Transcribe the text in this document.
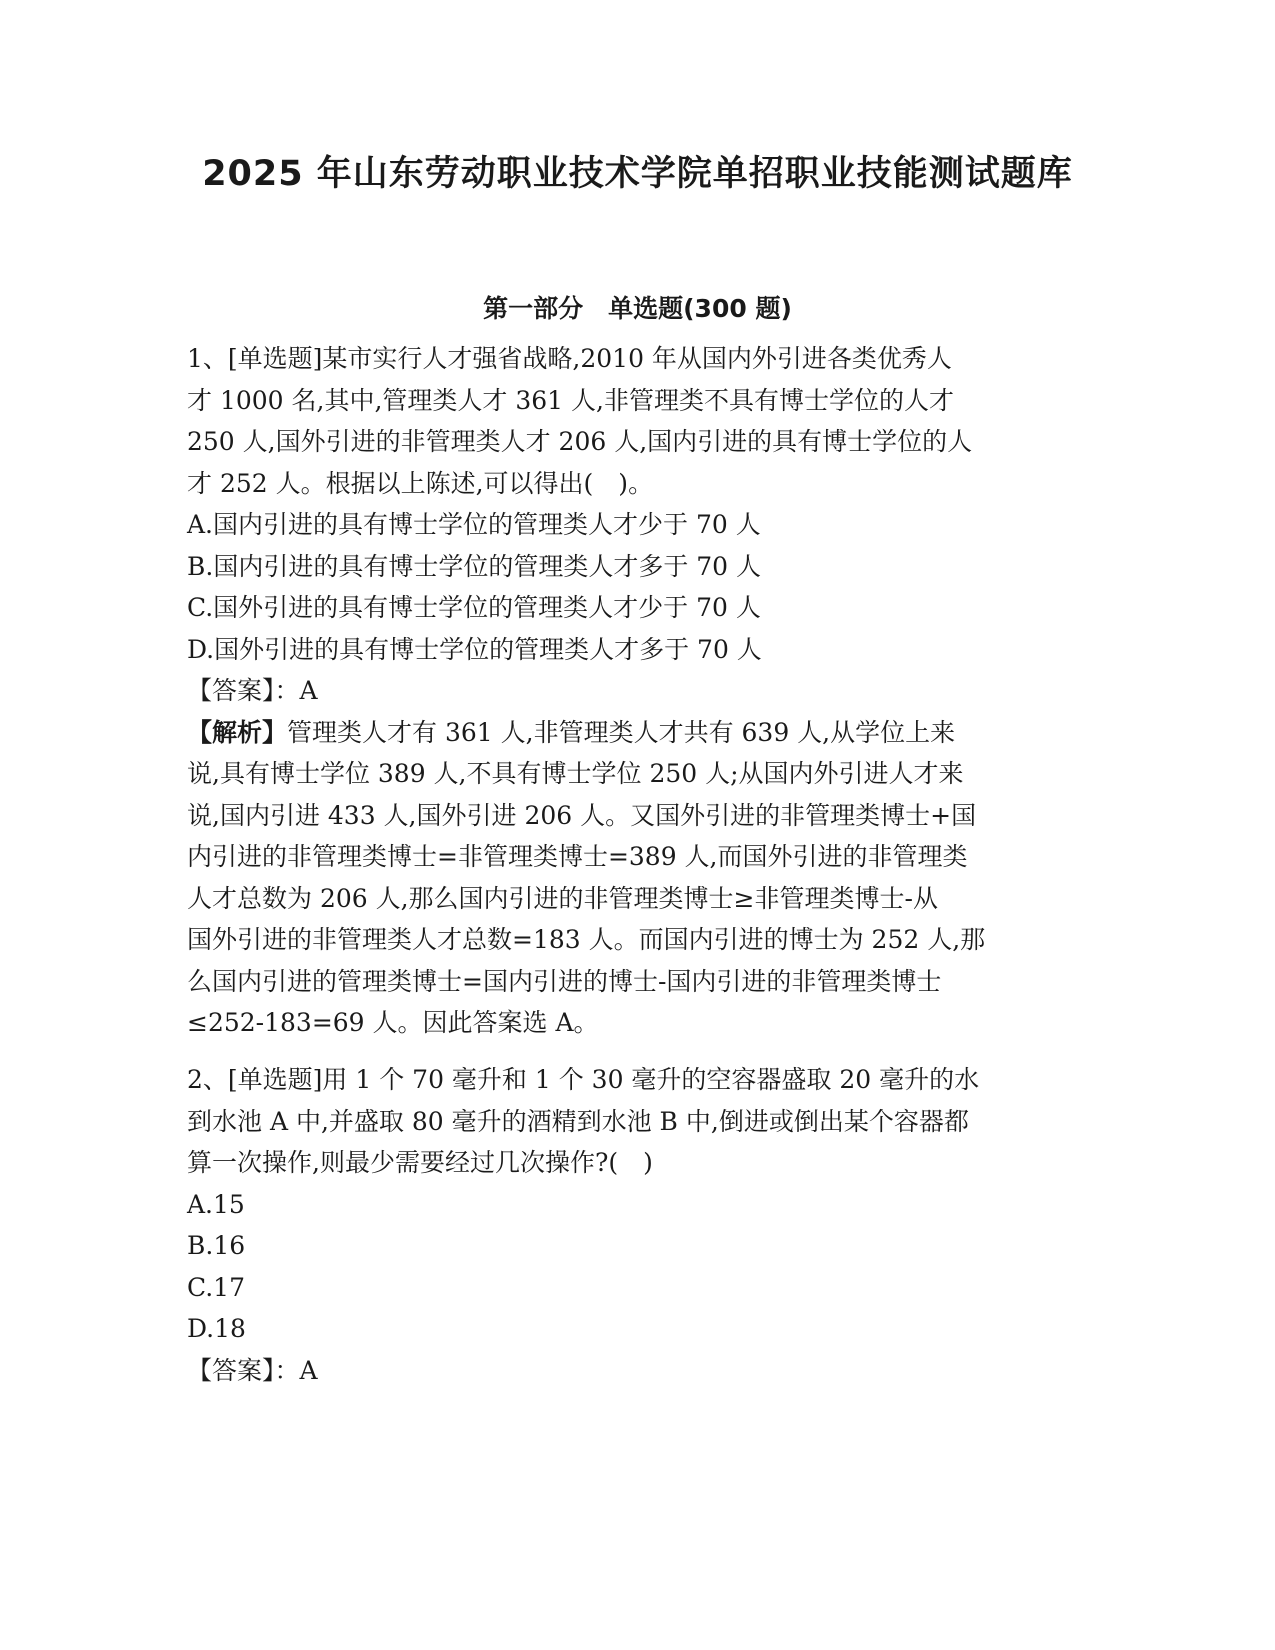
2025 年山东劳动职业技术学院单招职业技能测试题库
第一部分　单选题(300 题)
1、[单选题]某市实行人才强省战略,2010 年从国内外引进各类优秀人
才 1000 名,其中,管理类人才 361 人,非管理类不具有博士学位的人才
250 人,国外引进的非管理类人才 206 人,国内引进的具有博士学位的人
才 252 人。根据以上陈述,可以得出(　)。
A.国内引进的具有博士学位的管理类人才少于 70 人
B.国内引进的具有博士学位的管理类人才多于 70 人
C.国外引进的具有博士学位的管理类人才少于 70 人
D.国外引进的具有博士学位的管理类人才多于 70 人
【答案】：A
【解析】管理类人才有 361 人,非管理类人才共有 639 人,从学位上来
说,具有博士学位 389 人,不具有博士学位 250 人;从国内外引进人才来
说,国内引进 433 人,国外引进 206 人。又国外引进的非管理类博士+国
内引进的非管理类博士=非管理类博士=389 人,而国外引进的非管理类
人才总数为 206 人,那么国内引进的非管理类博士≥非管理类博士-从
国外引进的非管理类人才总数=183 人。而国内引进的博士为 252 人,那
么国内引进的管理类博士=国内引进的博士-国内引进的非管理类博士
≤252-183=69 人。因此答案选 A。
2、[单选题]用 1 个 70 毫升和 1 个 30 毫升的空容器盛取 20 毫升的水
到水池 A 中,并盛取 80 毫升的酒精到水池 B 中,倒进或倒出某个容器都
算一次操作,则最少需要经过几次操作?(　)
A.15
B.16
C.17
D.18
【答案】：A
